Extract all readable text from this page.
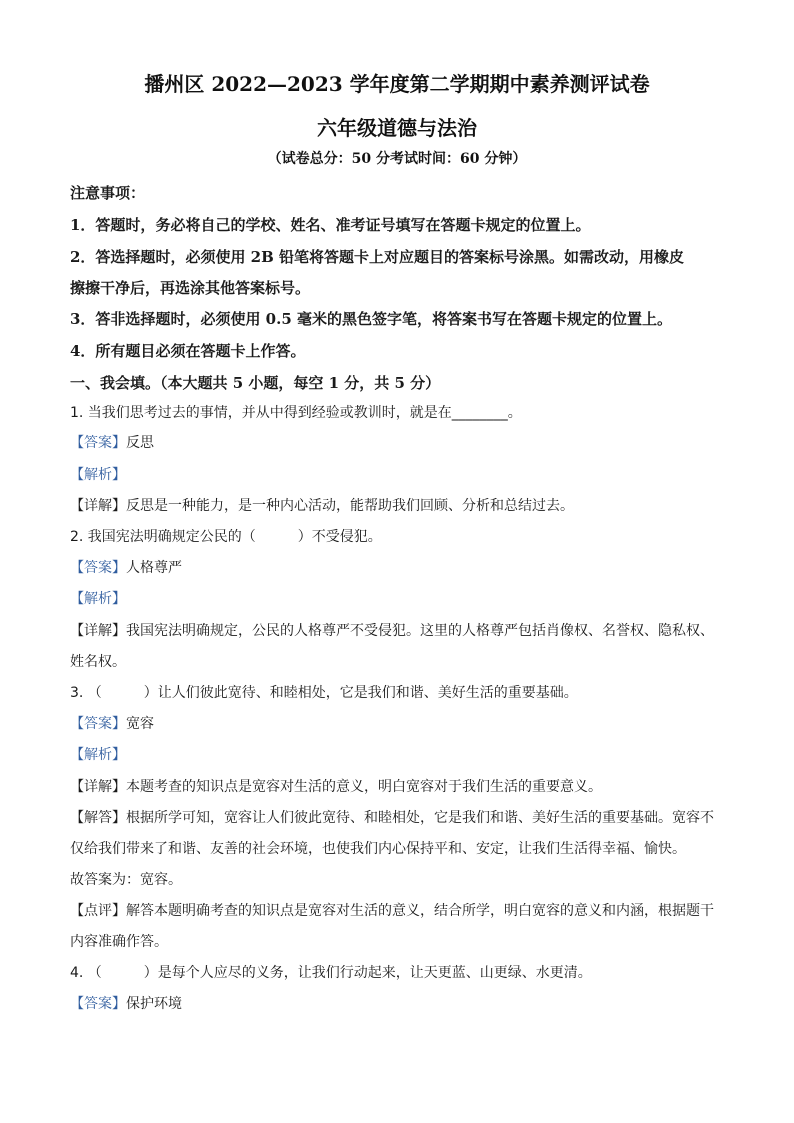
播州区 2022—2023 学年度第二学期期中素养测评试卷
六年级道德与法治
（试卷总分：50 分考试时间：60 分钟）
注意事项：
1．答题时，务必将自己的学校、姓名、准考证号填写在答题卡规定的位置上。
2．答选择题时，必须使用 2B 铅笔将答题卡上对应题目的答案标号涂黑。如需改动，用橡皮
擦擦干净后，再选涂其他答案标号。
3．答非选择题时，必须使用 0.5 毫米的黑色签字笔，将答案书写在答题卡规定的位置上。
4．所有题目必须在答题卡上作答。
一、我会填。（本大题共 5 小题，每空 1 分，共 5 分）
1. 当我们思考过去的事情，并从中得到经验或教训时，就是在________。
【答案】反思
【解析】
【详解】反思是一种能力，是一种内心活动，能帮助我们回顾、分析和总结过去。
2. 我国宪法明确规定公民的（　　　）不受侵犯。
【答案】人格尊严
【解析】
【详解】我国宪法明确规定，公民的人格尊严不受侵犯。这里的人格尊严包括肖像权、名誉权、隐私权、
姓名权。
3. （　　　）让人们彼此宽待、和睦相处，它是我们和谐、美好生活的重要基础。
【答案】宽容
【解析】
【详解】本题考查的知识点是宽容对生活的意义，明白宽容对于我们生活的重要意义。
【解答】根据所学可知，宽容让人们彼此宽待、和睦相处，它是我们和谐、美好生活的重要基础。宽容不
仅给我们带来了和谐、友善的社会环境，也使我们内心保持平和、安定，让我们生活得幸福、愉快。
故答案为：宽容。
【点评】解答本题明确考查的知识点是宽容对生活的意义，结合所学，明白宽容的意义和内涵，根据题干
内容准确作答。
4. （　　　）是每个人应尽的义务，让我们行动起来，让天更蓝、山更绿、水更清。
【答案】保护环境
